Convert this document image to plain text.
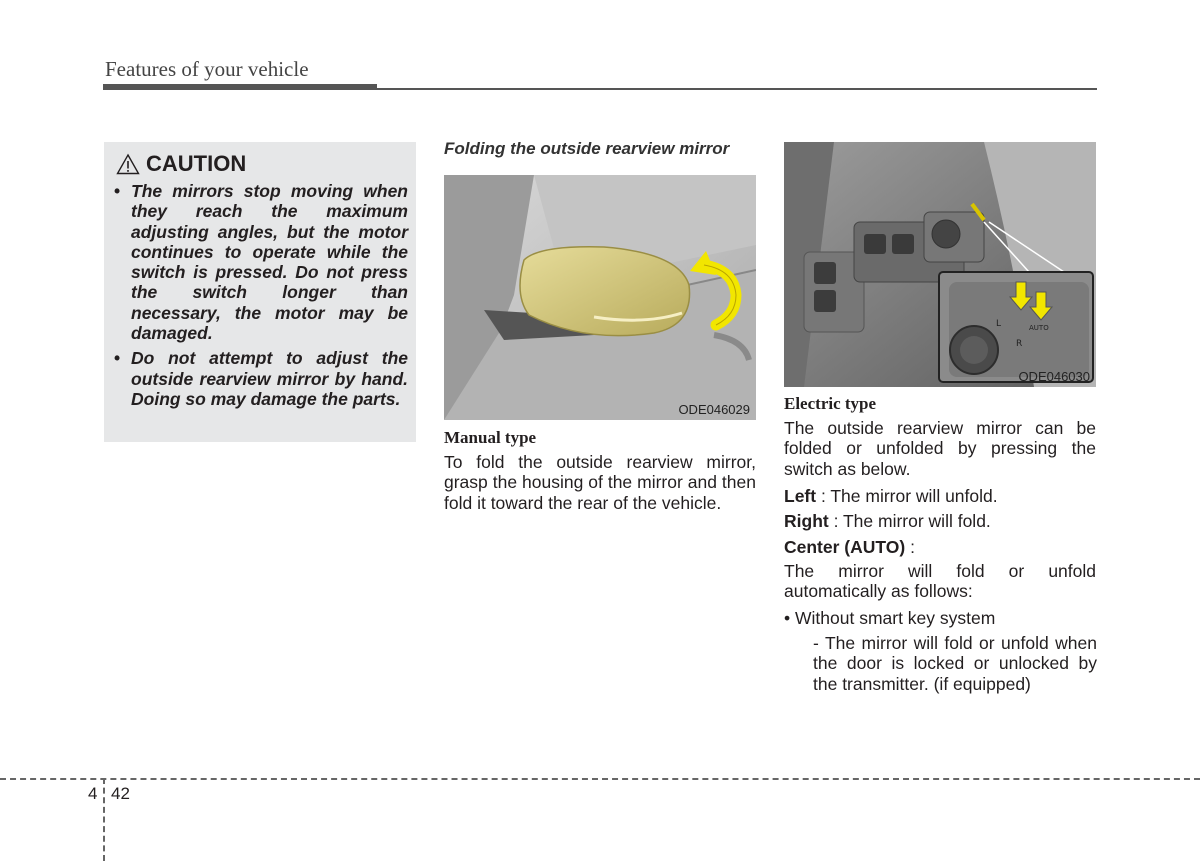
Features of your vehicle
CAUTION
• The mirrors stop moving when they reach the maximum adjusting angles, but the motor continues to operate while the switch is pressed. Do not press the switch longer than necessary, the motor may be damaged.
• Do not attempt to adjust the outside rearview mirror by hand. Doing so may damage the parts.
Folding the outside rearview mirror
ODE046029
L
R
AUTO
ODE046030
Manual type
To fold the outside rearview mirror, grasp the housing of the mirror and then fold it toward the rear of the vehicle.
Electric type
The outside rearview mirror can be folded or unfolded by pressing the switch as below.
Left : The mirror will unfold.
Right : The mirror will fold.
Center (AUTO) :
The mirror will fold or unfold automatically as follows:
• Without smart key system
- The mirror will fold or unfold when the door is locked or unlocked by the transmitter. (if equipped)
4 42
